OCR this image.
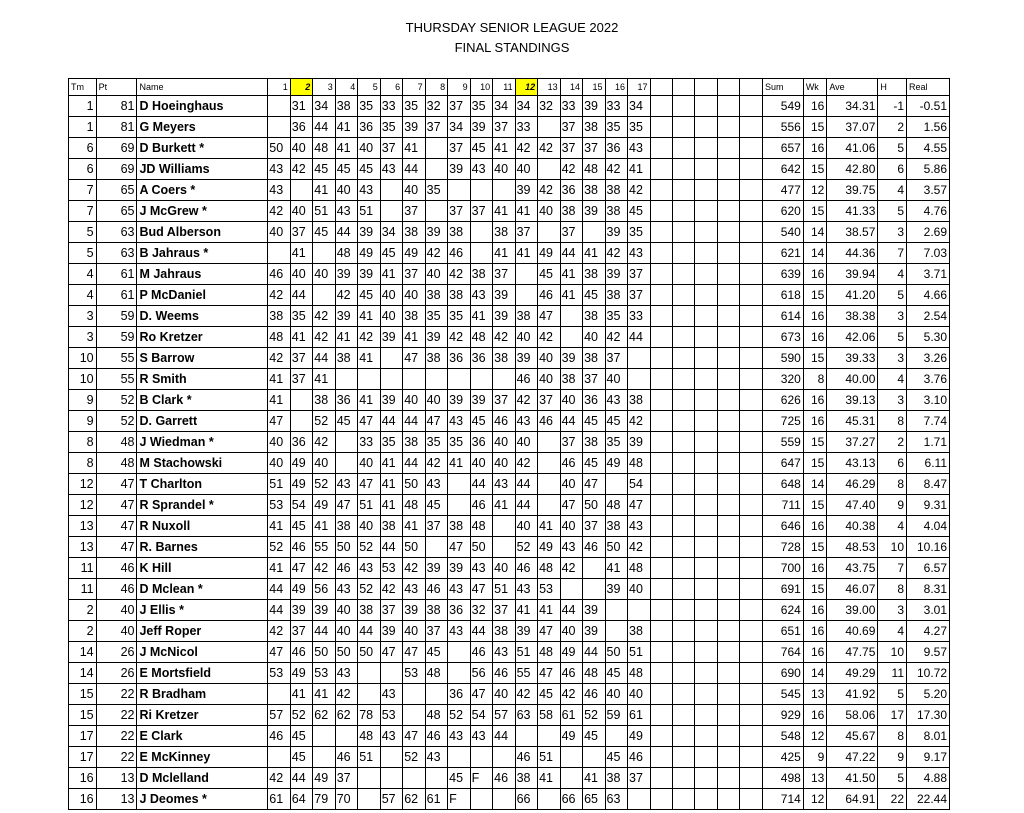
THURSDAY SENIOR LEAGUE 2022
FINAL STANDINGS
Tm	Pt	Name	1	2	3	4	5	6	7	8	9	10	11	12	13	14	15	16	17						Sum	Wk	Ave	H	Real
1	81	D Hoeinghaus		31	34	38	35	33	35	32	37	35	34	34	32	33	39	33	34						549	16	34.31	-1	-0.51
1	81	G Meyers		36	44	41	36	35	39	37	34	39	37	33		37	38	35	35						556	15	37.07	2	1.56
6	69	D Burkett *	50	40	48	41	40	37	41		37	45	41	42	42	37	37	36	43						657	16	41.06	5	4.55
6	69	JD Williams	43	42	45	45	45	43	44		39	43	40	40		42	48	42	41						642	15	42.80	6	5.86
7	65	A Coers *	43		41	40	43		40	35				39	42	36	38	38	42						477	12	39.75	4	3.57
7	65	J McGrew *	42	40	51	43	51		37		37	37	41	41	40	38	39	38	45						620	15	41.33	5	4.76
5	63	Bud Alberson	40	37	45	44	39	34	38	39	38		38	37		37		39	35						540	14	38.57	3	2.69
5	63	B Jahraus *		41		48	49	45	49	42	46		41	41	49	44	41	42	43						621	14	44.36	7	7.03
4	61	M Jahraus	46	40	40	39	39	41	37	40	42	38	37		45	41	38	39	37						639	16	39.94	4	3.71
4	61	P McDaniel	42	44		42	45	40	40	38	38	43	39		46	41	45	38	37						618	15	41.20	5	4.66
3	59	D. Weems	38	35	42	39	41	40	38	35	35	41	39	38	47		38	35	33						614	16	38.38	3	2.54
3	59	Ro Kretzer	48	41	42	41	42	39	41	39	42	48	42	40	42		40	42	44						673	16	42.06	5	5.30
10	55	S Barrow	42	37	44	38	41		47	38	36	36	38	39	40	39	38	37							590	15	39.33	3	3.26
10	55	R Smith	41	37	41									46	40	38	37	40							320	8	40.00	4	3.76
9	52	B Clark *	41		38	36	41	39	40	40	39	39	37	42	37	40	36	43	38						626	16	39.13	3	3.10
9	52	D. Garrett	47		52	45	47	44	44	47	43	45	46	43	46	44	45	45	42						725	16	45.31	8	7.74
8	48	J Wiedman *	40	36	42		33	35	38	35	35	36	40	40		37	38	35	39						559	15	37.27	2	1.71
8	48	M Stachowski	40	49	40		40	41	44	42	41	40	40	42		46	45	49	48						647	15	43.13	6	6.11
12	47	T Charlton	51	49	52	43	47	41	50	43		44	43	44		40	47		54						648	14	46.29	8	8.47
12	47	R Sprandel *	53	54	49	47	51	41	48	45		46	41	44		47	50	48	47						711	15	47.40	9	9.31
13	47	R Nuxoll	41	45	41	38	40	38	41	37	38	48		40	41	40	37	38	43						646	16	40.38	4	4.04
13	47	R. Barnes	52	46	55	50	52	44	50		47	50		52	49	43	46	50	42						728	15	48.53	10	10.16
11	46	K Hill	41	47	42	46	43	53	42	39	39	43	40	46	48	42		41	48						700	16	43.75	7	6.57
11	46	D Mclean *	44	49	56	43	52	42	43	46	43	47	51	43	53			39	40						691	15	46.07	8	8.31
2	40	J Ellis *	44	39	39	40	38	37	39	38	36	32	37	41	41	44	39								624	16	39.00	3	3.01
2	40	Jeff Roper	42	37	44	40	44	39	40	37	43	44	38	39	47	40	39		38						651	16	40.69	4	4.27
14	26	J McNicol	47	46	50	50	50	47	47	45		46	43	51	48	49	44	50	51						764	16	47.75	10	9.57
14	26	E Mortsfield	53	49	53	43			53	48		56	46	55	47	46	48	45	48						690	14	49.29	11	10.72
15	22	R Bradham		41	41	42		43			36	47	40	42	45	42	46	40	40						545	13	41.92	5	5.20
15	22	Ri Kretzer	57	52	62	62	78	53		48	52	54	57	63	58	61	52	59	61						929	16	58.06	17	17.30
17	22	E Clark	46	45			48	43	47	46	43	43	44			49	45		49						548	12	45.67	8	8.01
17	22	E McKinney		45		46	51		52	43				46	51			45	46						425	9	47.22	9	9.17
16	13	D Mclelland	42	44	49	37					45	F	46	38	41		41	38	37						498	13	41.50	5	4.88
16	13	J Deomes *	61	64	79	70		57	62	61	F			66		66	65	63							714	12	64.91	22	22.44
